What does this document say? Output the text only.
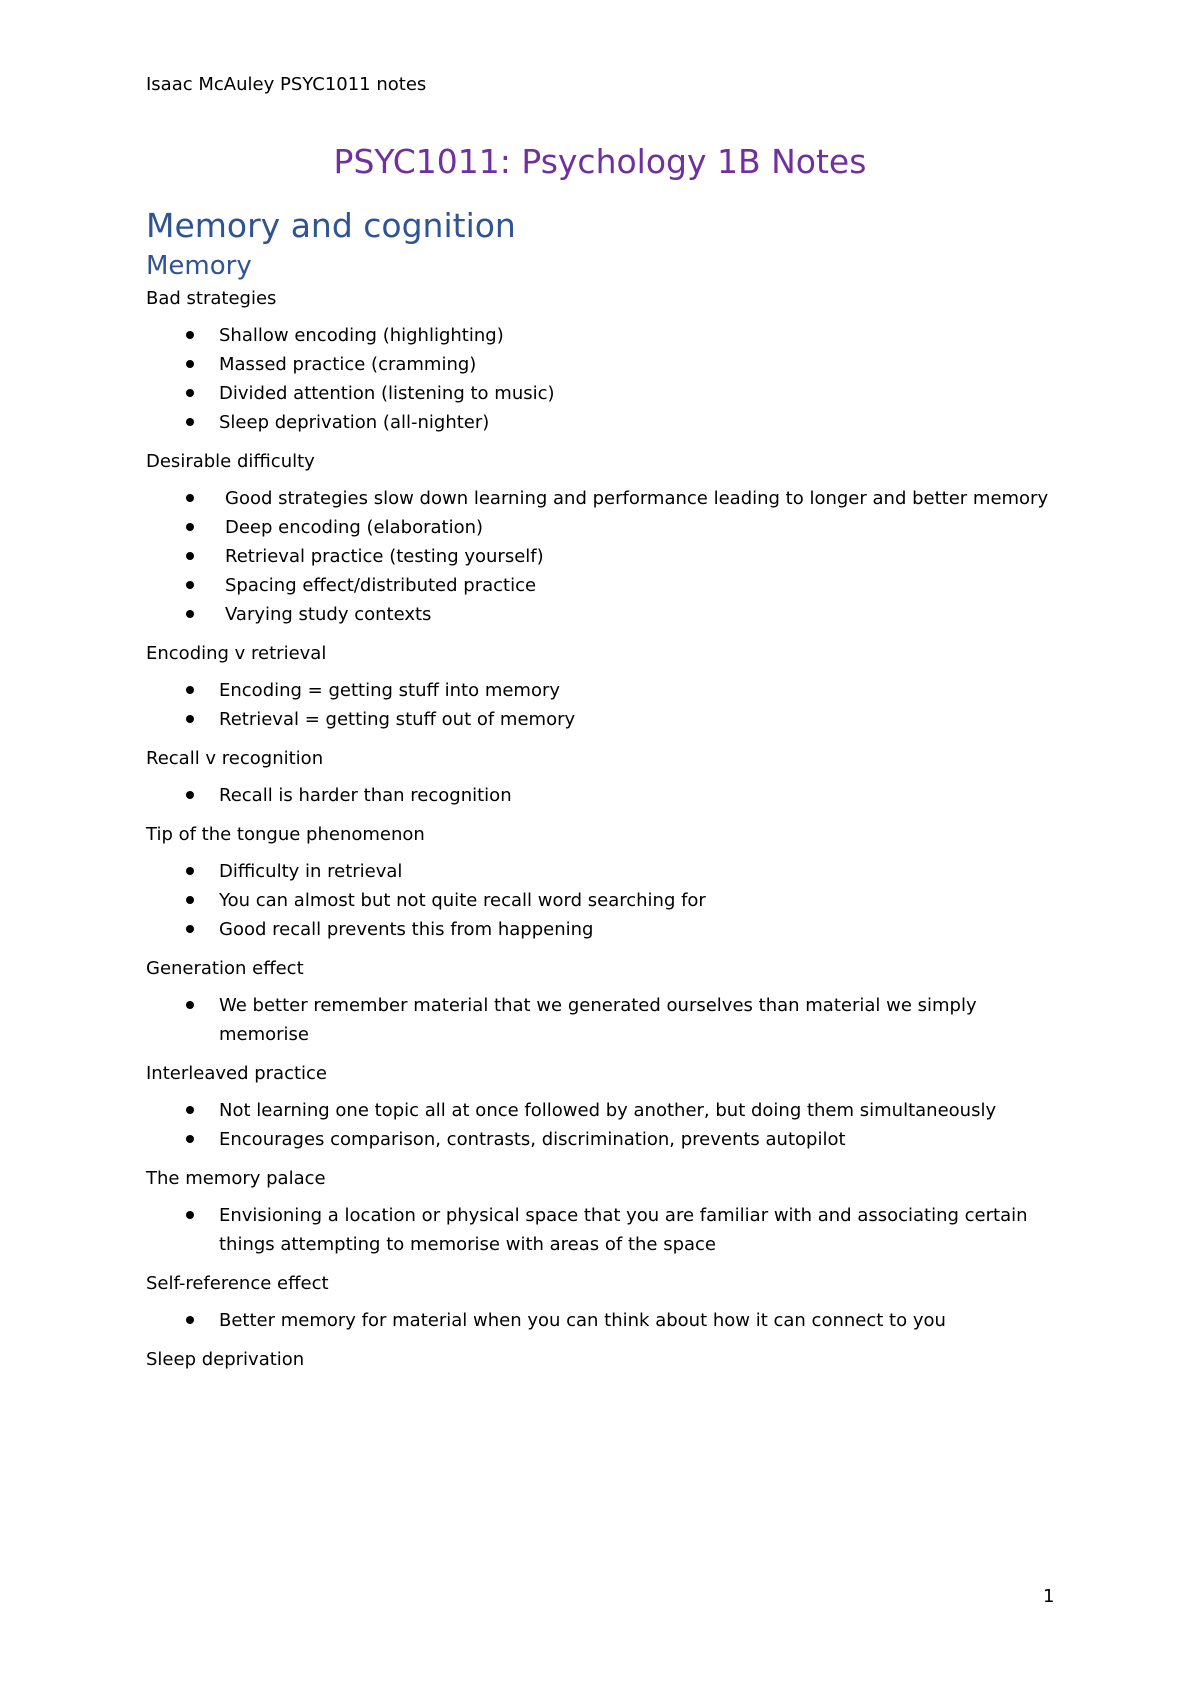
Isaac McAuley PSYC1011 notes
PSYC1011: Psychology 1B Notes
Memory and cognition
Memory
Bad strategies
Shallow encoding (highlighting)
Massed practice (cramming)
Divided attention (listening to music)
Sleep deprivation (all-nighter)
Desirable difficulty
Good strategies slow down learning and performance leading to longer and better memory
Deep encoding (elaboration)
Retrieval practice (testing yourself)
Spacing effect/distributed practice
Varying study contexts
Encoding v retrieval
Encoding = getting stuff into memory
Retrieval = getting stuff out of memory
Recall v recognition
Recall is harder than recognition
Tip of the tongue phenomenon
Difficulty in retrieval
You can almost but not quite recall word searching for
Good recall prevents this from happening
Generation effect
We better remember material that we generated ourselves than material we simply memorise
Interleaved practice
Not learning one topic all at once followed by another, but doing them simultaneously
Encourages comparison, contrasts, discrimination, prevents autopilot
The memory palace
Envisioning a location or physical space that you are familiar with and associating certain things attempting to memorise with areas of the space
Self-reference effect
Better memory for material when you can think about how it can connect to you
Sleep deprivation
1
